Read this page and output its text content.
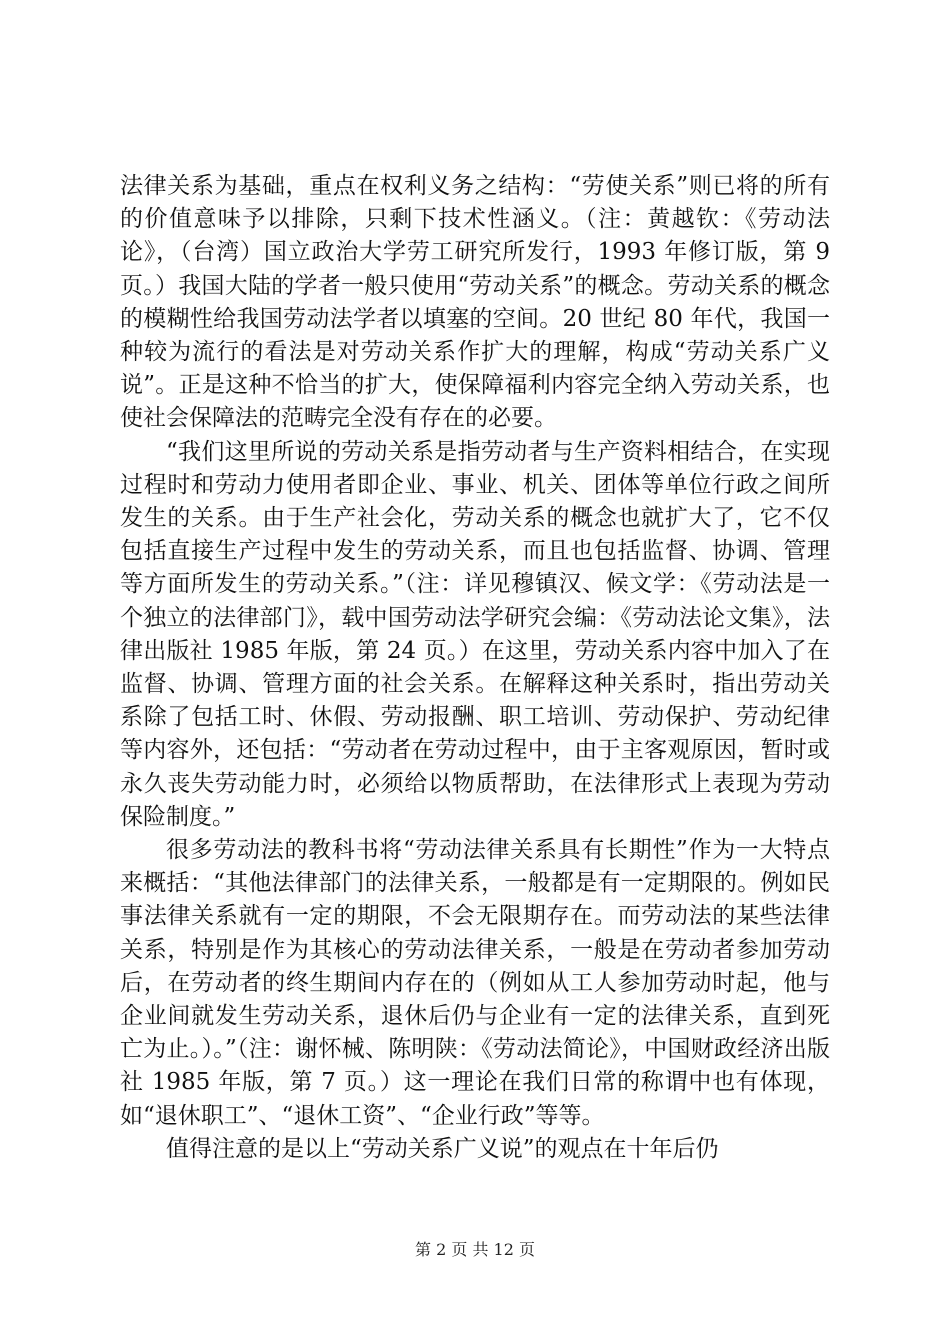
法律关系为基础，重点在权利义务之结构：“劳使关系”则已将的所有的价值意味予以排除，只剩下技术性涵义。（注：黄越钦：《劳动法论》，（台湾）国立政治大学劳工研究所发行，1993 年修订版，第 9 页。）我国大陆的学者一般只使用“劳动关系”的概念。劳动关系的概念的模糊性给我国劳动法学者以填塞的空间。20 世纪 80 年代，我国一种较为流行的看法是对劳动关系作扩大的理解，构成“劳动关系广义说”。正是这种不恰当的扩大，使保障福利内容完全纳入劳动关系，也使社会保障法的范畴完全没有存在的必要。

“我们这里所说的劳动关系是指劳动者与生产资料相结合，在实现过程时和劳动力使用者即企业、事业、机关、团体等单位行政之间所发生的关系。由于生产社会化，劳动关系的概念也就扩大了，它不仅包括直接生产过程中发生的劳动关系，而且也包括监督、协调、管理等方面所发生的劳动关系。”（注：详见穆镇汉、候文学：《劳动法是一个独立的法律部门》，载中国劳动法学研究会编：《劳动法论文集》，法律出版社 1985 年版，第 24 页。）在这里，劳动关系内容中加入了在监督、协调、管理方面的社会关系。在解释这种关系时，指出劳动关系除了包括工时、休假、劳动报酬、职工培训、劳动保护、劳动纪律等内容外，还包括：“劳动者在劳动过程中，由于主客观原因，暂时或永久丧失劳动能力时，必须给以物质帮助，在法律形式上表现为劳动保险制度。”

很多劳动法的教科书将“劳动法律关系具有长期性”作为一大特点来概括：“其他法律部门的法律关系，一般都是有一定期限的。例如民事法律关系就有一定的期限，不会无限期存在。而劳动法的某些法律关系，特别是作为其核心的劳动法律关系，一般是在劳动者参加劳动后，在劳动者的终生期间内存在的（例如从工人参加劳动时起，他与企业间就发生劳动关系，退休后仍与企业有一定的法律关系，直到死亡为止。）。”（注：谢怀械、陈明陕：《劳动法简论》，中国财政经济出版社 1985 年版，第 7 页。）这一理论在我们日常的称谓中也有体现，如“退休职工”、“退休工资”、“企业行政”等等。

值得注意的是以上“劳动关系广义说”的观点在十年后仍

第 2 页 共 12 页
